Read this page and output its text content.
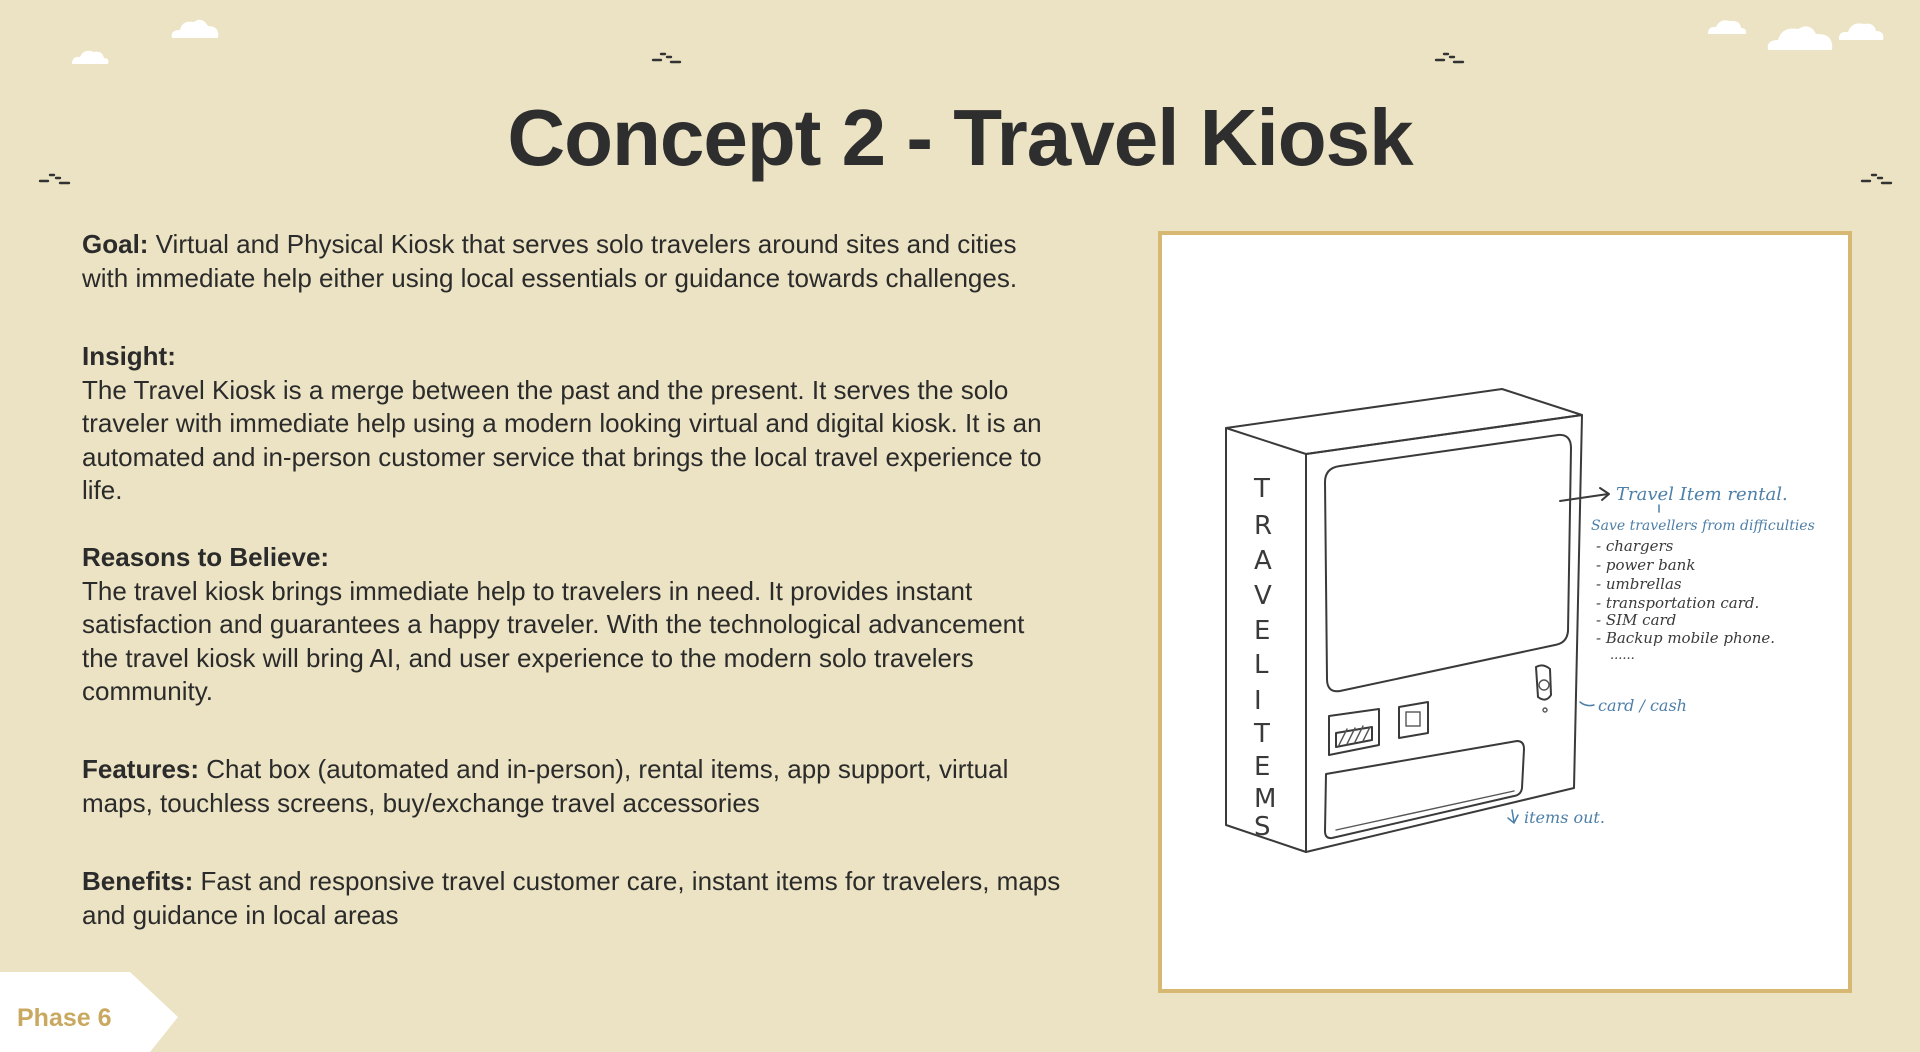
Concept 2 - Travel Kiosk

Goal: Virtual and Physical Kiosk that serves solo travelers around sites and cities
with immediate help either using local essentials or guidance towards challenges.

Insight:
The Travel Kiosk is a merge between the past and the present. It serves the solo
traveler with immediate help using a modern looking virtual and digital kiosk. It is an
automated and in-person customer service that brings the local travel experience to
life.

Reasons to Believe:
The travel kiosk brings immediate help to travelers in need. It provides instant
satisfaction and guarantees a happy traveler. With the technological advancement
the travel kiosk will bring AI, and user experience to the modern solo travelers
community.

Features: Chat box (automated and in-person), rental items, app support, virtual
maps, touchless screens, buy/exchange travel accessories

Benefits: Fast and responsive travel customer care, instant items for travelers, maps
and guidance in local areas

T
R
A
V
E
L
I
T
E
M
S
Travel Item rental.
Save travellers from difficulties
- chargers
- power bank
- umbrellas
- transportation card.
- SIM card
- Backup mobile phone.
......
card / cash
items out.
Phase 6
